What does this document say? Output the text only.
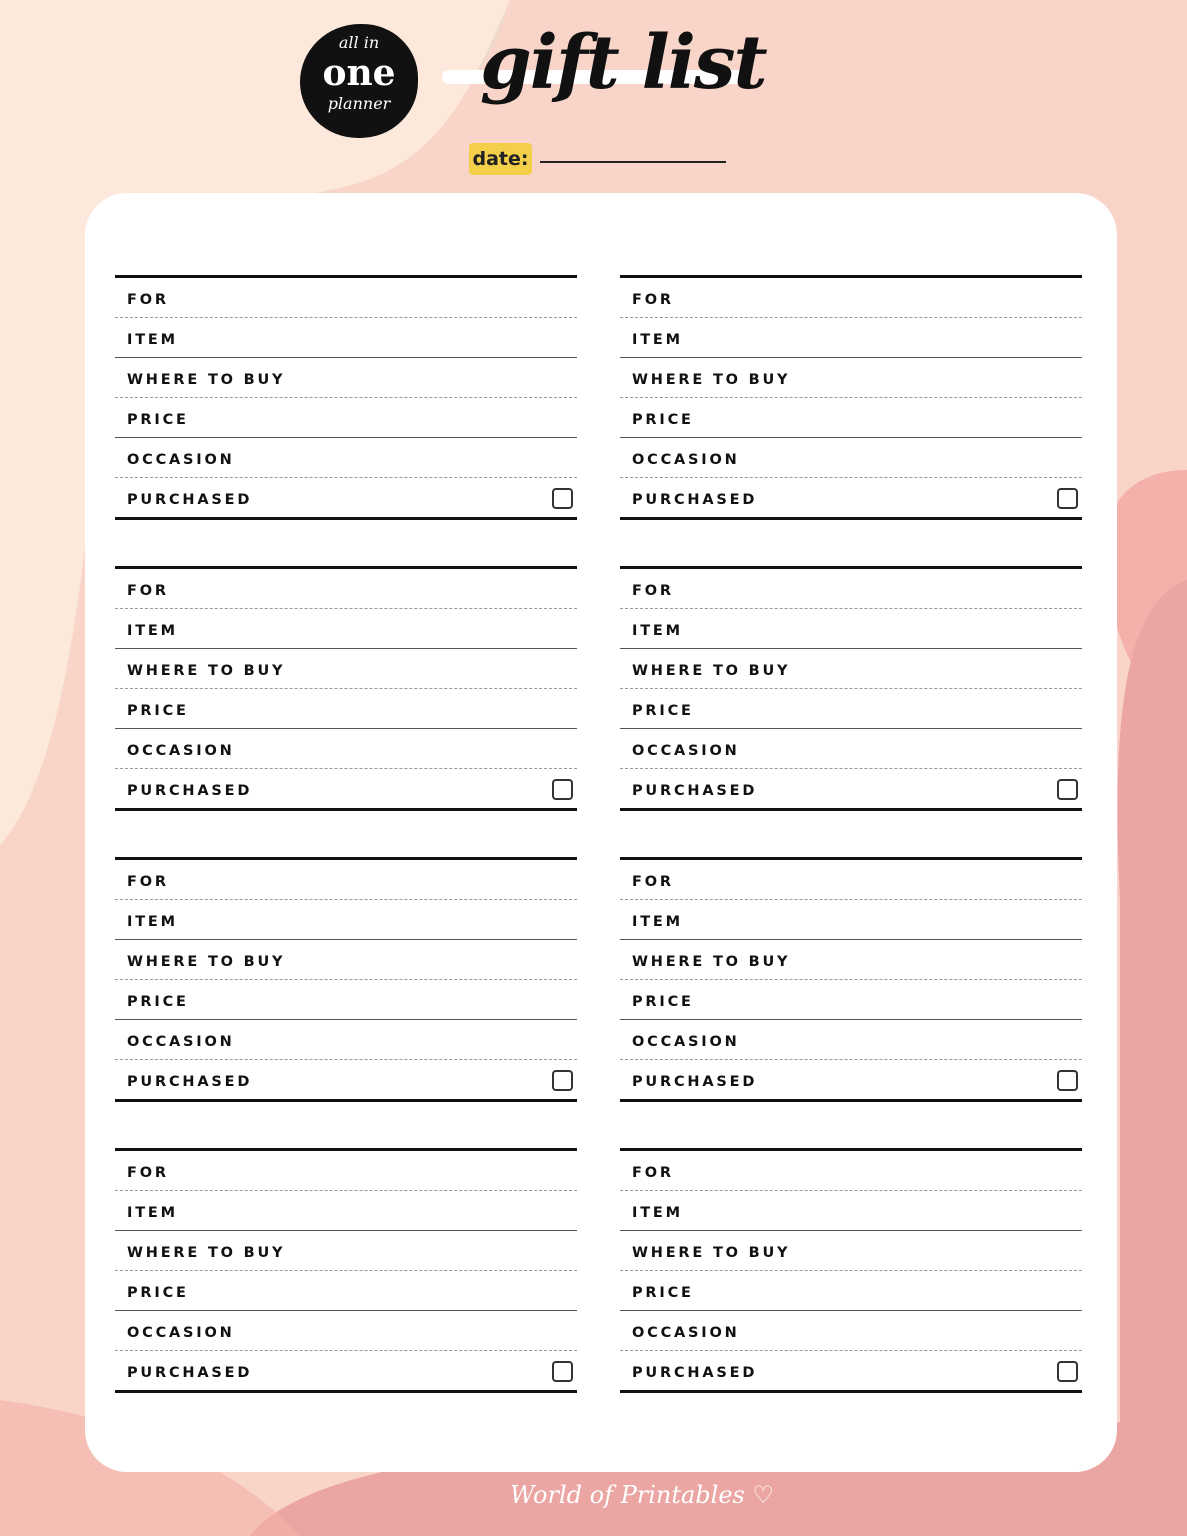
all in
one
planner	gift list
date:
FOR
ITEM
WHERE TO BUY
PRICE
OCCASION
PURCHASED
FOR
ITEM
WHERE TO BUY
PRICE
OCCASION
PURCHASED
FOR
ITEM
WHERE TO BUY
PRICE
OCCASION
PURCHASED
FOR
ITEM
WHERE TO BUY
PRICE
OCCASION
PURCHASED
FOR
ITEM
WHERE TO BUY
PRICE
OCCASION
PURCHASED
FOR
ITEM
WHERE TO BUY
PRICE
OCCASION
PURCHASED
FOR
ITEM
WHERE TO BUY
PRICE
OCCASION
PURCHASED
FOR
ITEM
WHERE TO BUY
PRICE
OCCASION
PURCHASED
World of Printables ♡
